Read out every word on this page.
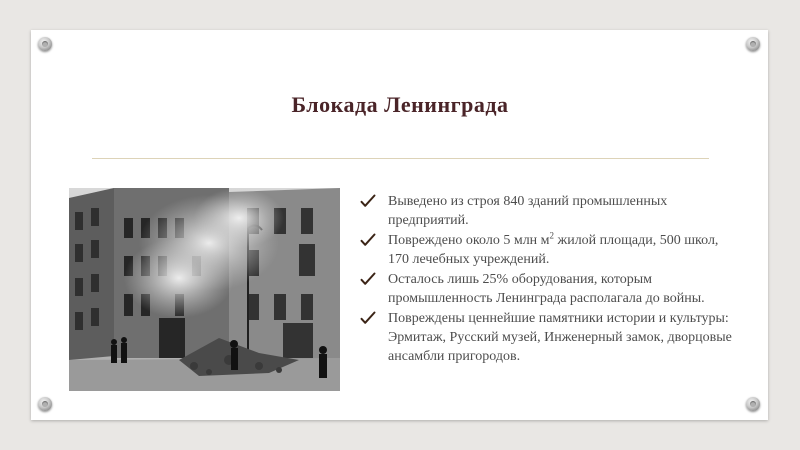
Блокада Ленинграда
Выведено из строя 840 зданий промышленных предприятий.
Повреждено около 5 млн $м^2$ жилой площади, 500 школ, 170 лечебных учреждений.
Осталось лишь 25% оборудования, которым промышленность Ленинграда располагала до войны.
Повреждены ценнейшие памятники истории и культуры: Эрмитаж, Русский музей, Инженерный замок, дворцовые ансамбли пригородов.
